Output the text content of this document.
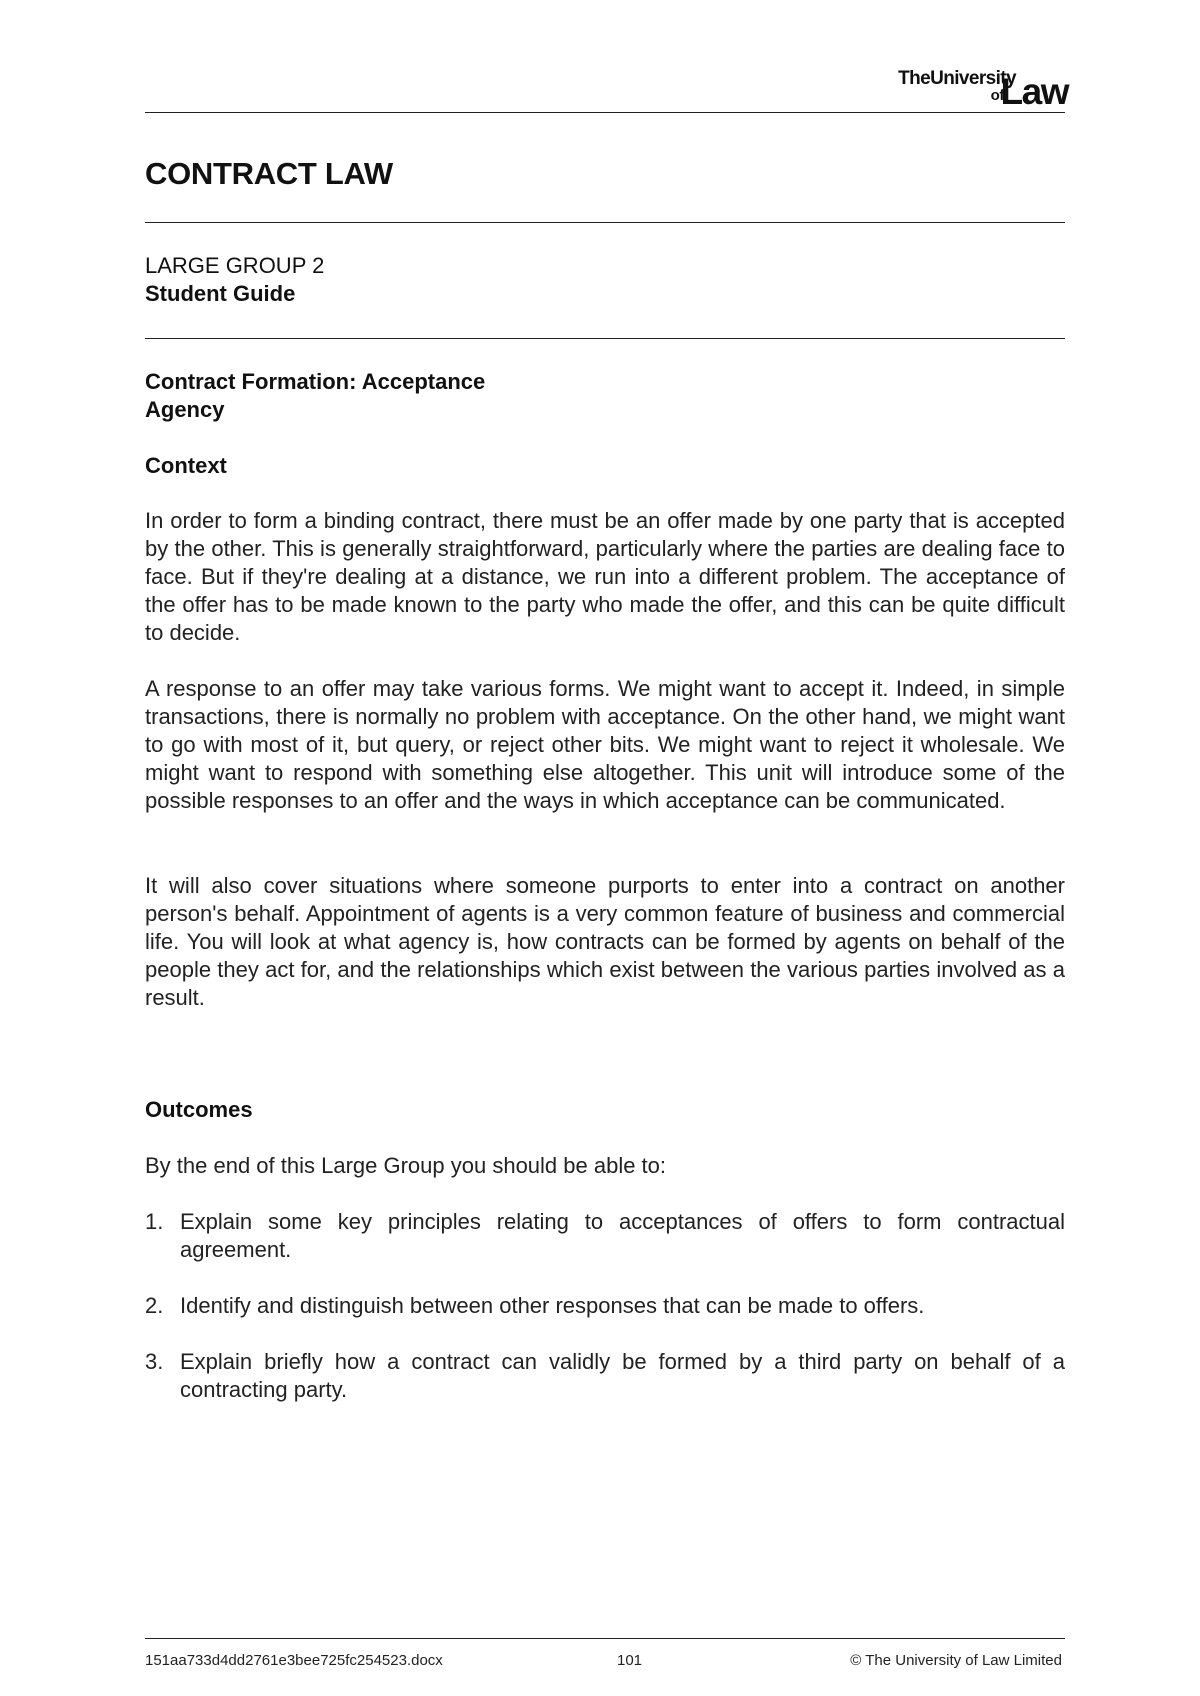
TheUniversity
of
Law
CONTRACT LAW

LARGE GROUP 2

Student Guide

Contract Formation: Acceptance

Agency

Context

In order to form a binding contract, there must be an offer made by one party that is accepted by the other. This is generally straightforward, particularly where the parties are dealing face to face. But if they're dealing at a distance, we run into a different problem. The acceptance of the offer has to be made known to the party who made the offer, and this can be quite difficult to decide.

A response to an offer may take various forms. We might want to accept it. Indeed, in simple transactions, there is normally no problem with acceptance. On the other hand, we might want to go with most of it, but query, or reject other bits. We might want to reject it wholesale. We might want to respond with something else altogether. This unit will introduce some of the possible responses to an offer and the ways in which acceptance can be communicated.

It will also cover situations where someone purports to enter into a contract on another person's behalf. Appointment of agents is a very common feature of business and commercial life. You will look at what agency is, how contracts can be formed by agents on behalf of the people they act for, and the relationships which exist between the various parties involved as a result.

Outcomes

By the end of this Large Group you should be able to:

1. Explain some key principles relating to acceptances of offers to form contractual agreement.
2. Identify and distinguish between other responses that can be made to offers.
3. Explain briefly how a contract can validly be formed by a third party on behalf of a contracting party.
151aa733d4dd2761e3bee725fc254523.docx	101	© The University of Law Limited
